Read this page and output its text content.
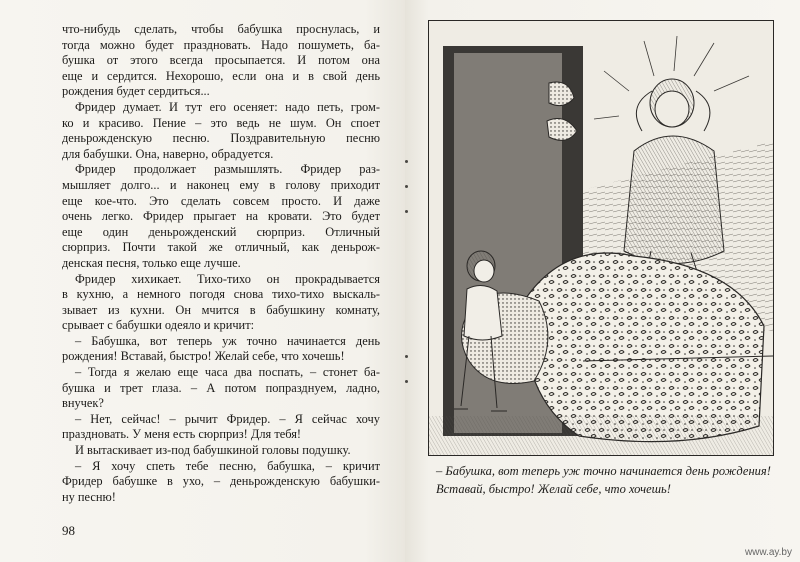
что-нибудь сделать, чтобы бабушка проснулась, и
тогда можно будет праздновать. Надо пошуметь, ба-
бушка от этого всегда просыпается. И потом она
еще и сердится. Нехорошо, если она и в свой день
рождения будет сердиться...
Фридер думает. И тут его осеняет: надо петь, гром-
ко и красиво. Пение – это ведь не шум. Он споет
деньрожденскую песню. Поздравительную песню
для бабушки. Она, наверно, обрадуется.
Фридер продолжает размышлять. Фридер раз-
мышляет долго... и наконец ему в голову приходит
еще кое-что. Это сделать совсем просто. И даже
очень легко. Фридер прыгает на кровати. Это будет
еще один деньрожденский сюрприз. Отличный
сюрприз. Почти такой же отличный, как деньрож-
денская песня, только еще лучше.
Фридер хихикает. Тихо-тихо он прокрадывается
в кухню, а немного погодя снова тихо-тихо выскаль-
зывает из кухни. Он мчится в бабушкину комнату,
срывает с бабушки одеяло и кричит:
– Бабушка, вот теперь уж точно начинается день
рождения! Вставай, быстро! Желай себе, что хочешь!
– Тогда я желаю еще часа два поспать, – стонет ба-
бушка и трет глаза. – А потом попразднуем, ладно,
внучек?
– Нет, сейчас! – рычит Фридер. – Я сейчас хочу
праздновать. У меня есть сюрприз! Для тебя!
И вытаскивает из-под бабушкиной головы подушку.
– Я хочу спеть тебе песню, бабушка, – кричит
Фридер бабушке в ухо, – деньрожденскую бабушки-
ну песню!
98
– Бабушка, вот теперь уж точно начинается день рождения!
Вставай, быстро! Желай себе, что хочешь!
www.ay.by
